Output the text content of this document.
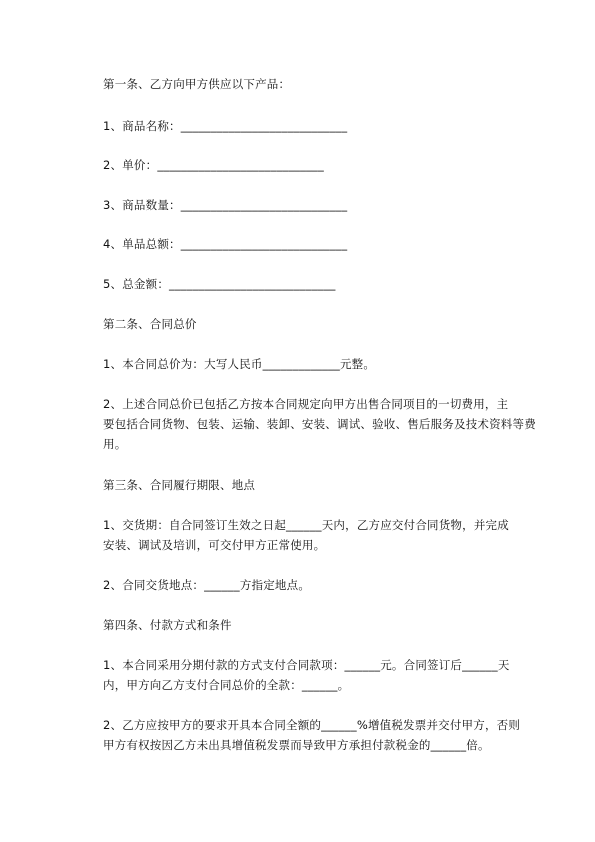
第一条、乙方向甲方供应以下产品：
1、商品名称：____________________________
2、单价：____________________________
3、商品数量：____________________________
4、单品总额：____________________________
5、总金额：____________________________
第二条、合同总价
1、本合同总价为：大写人民币_____________元整。
2、上述合同总价已包括乙方按本合同规定向甲方出售合同项目的一切费用，主
要包括合同货物、包装、运输、装卸、安装、调试、验收、售后服务及技术资料等费
用。
第三条、合同履行期限、地点
1、交货期：自合同签订生效之日起______天内，乙方应交付合同货物，并完成
安装、调试及培训，可交付甲方正常使用。
2、合同交货地点：______方指定地点。
第四条、付款方式和条件
1、本合同采用分期付款的方式支付合同款项：______元。合同签订后______天
内，甲方向乙方支付合同总价的全款：______。
2、乙方应按甲方的要求开具本合同全额的______%增值税发票并交付甲方，否则
甲方有权按因乙方未出具增值税发票而导致甲方承担付款税金的______倍。
